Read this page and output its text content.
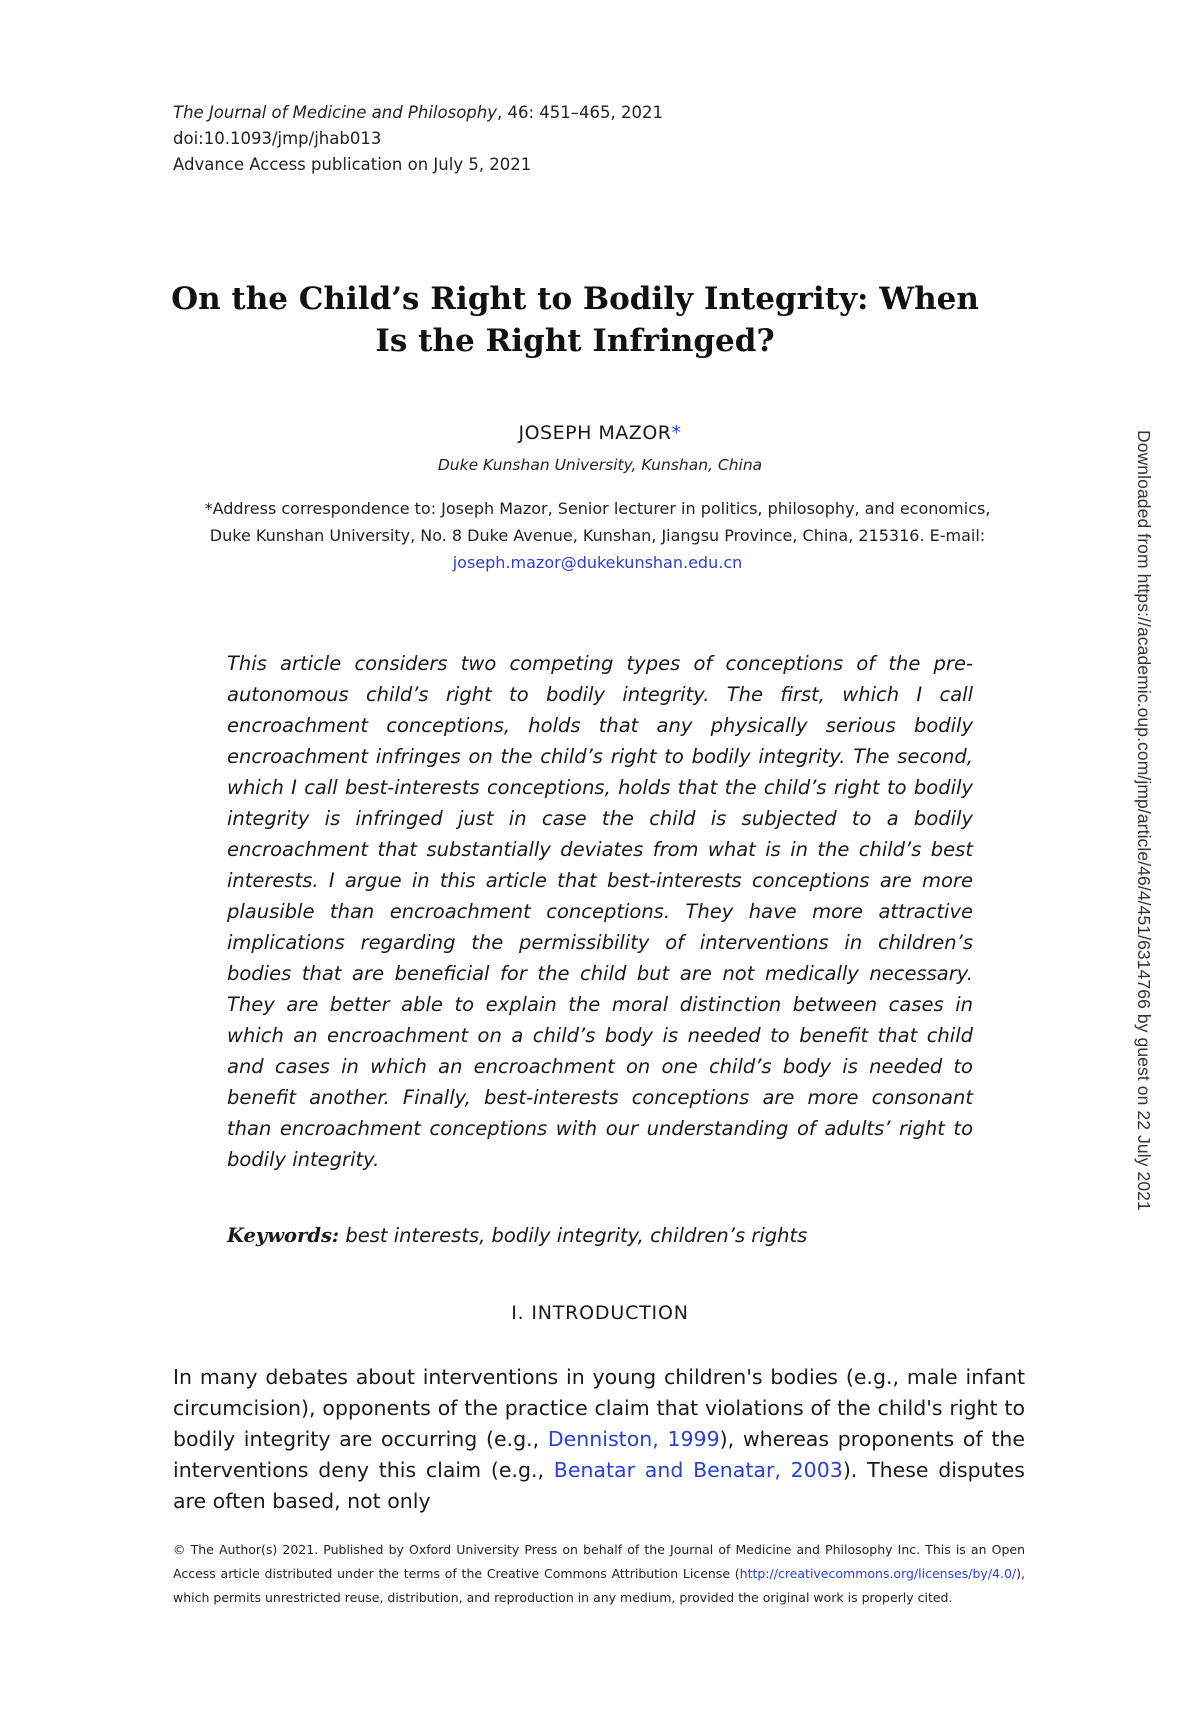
The Journal of Medicine and Philosophy, 46: 451–465, 2021
doi:10.1093/jmp/jhab013
Advance Access publication on July 5, 2021
On the Child’s Right to Bodily Integrity: When Is the Right Infringed?
JOSEPH MAZOR*
Duke Kunshan University, Kunshan, China
*Address correspondence to: Joseph Mazor, Senior lecturer in politics, philosophy, and economics, Duke Kunshan University, No. 8 Duke Avenue, Kunshan, Jiangsu Province, China, 215316. E-mail: joseph.mazor@dukekunshan.edu.cn

This article considers two competing types of conceptions of the pre-autonomous child’s right to bodily integrity. The first, which I call encroachment conceptions, holds that any physically serious bodily encroachment infringes on the child’s right to bodily integrity. The second, which I call best-interests conceptions, holds that the child’s right to bodily integrity is infringed just in case the child is subjected to a bodily encroachment that substantially deviates from what is in the child’s best interests. I argue in this article that best-interests conceptions are more plausible than encroachment conceptions. They have more attractive implications regarding the permissibility of interventions in children’s bodies that are beneficial for the child but are not medically necessary. They are better able to explain the moral distinction between cases in which an encroachment on a child’s body is needed to benefit that child and cases in which an encroachment on one child’s body is needed to benefit another. Finally, best-interests conceptions are more consonant than encroachment conceptions with our understanding of adults’ right to bodily integrity.

Keywords: best interests, bodily integrity, children’s rights
I. INTRODUCTION

In many debates about interventions in young children's bodies (e.g., male infant circumcision), opponents of the practice claim that violations of the child's right to bodily integrity are occurring (e.g., Denniston, 1999), whereas proponents of the interventions deny this claim (e.g., Benatar and Benatar, 2003). These disputes are often based, not only

© The Author(s) 2021. Published by Oxford University Press on behalf of the Journal of Medicine and Philosophy Inc. This is an Open Access article distributed under the terms of the Creative Commons Attribution License (http://creativecommons.org/licenses/by/4.0/), which permits unrestricted reuse, distribution, and reproduction in any medium, provided the original work is properly cited.

Downloaded from https://academic.oup.com/jmp/article/46/4/451/6314766 by guest on 22 July 2021
